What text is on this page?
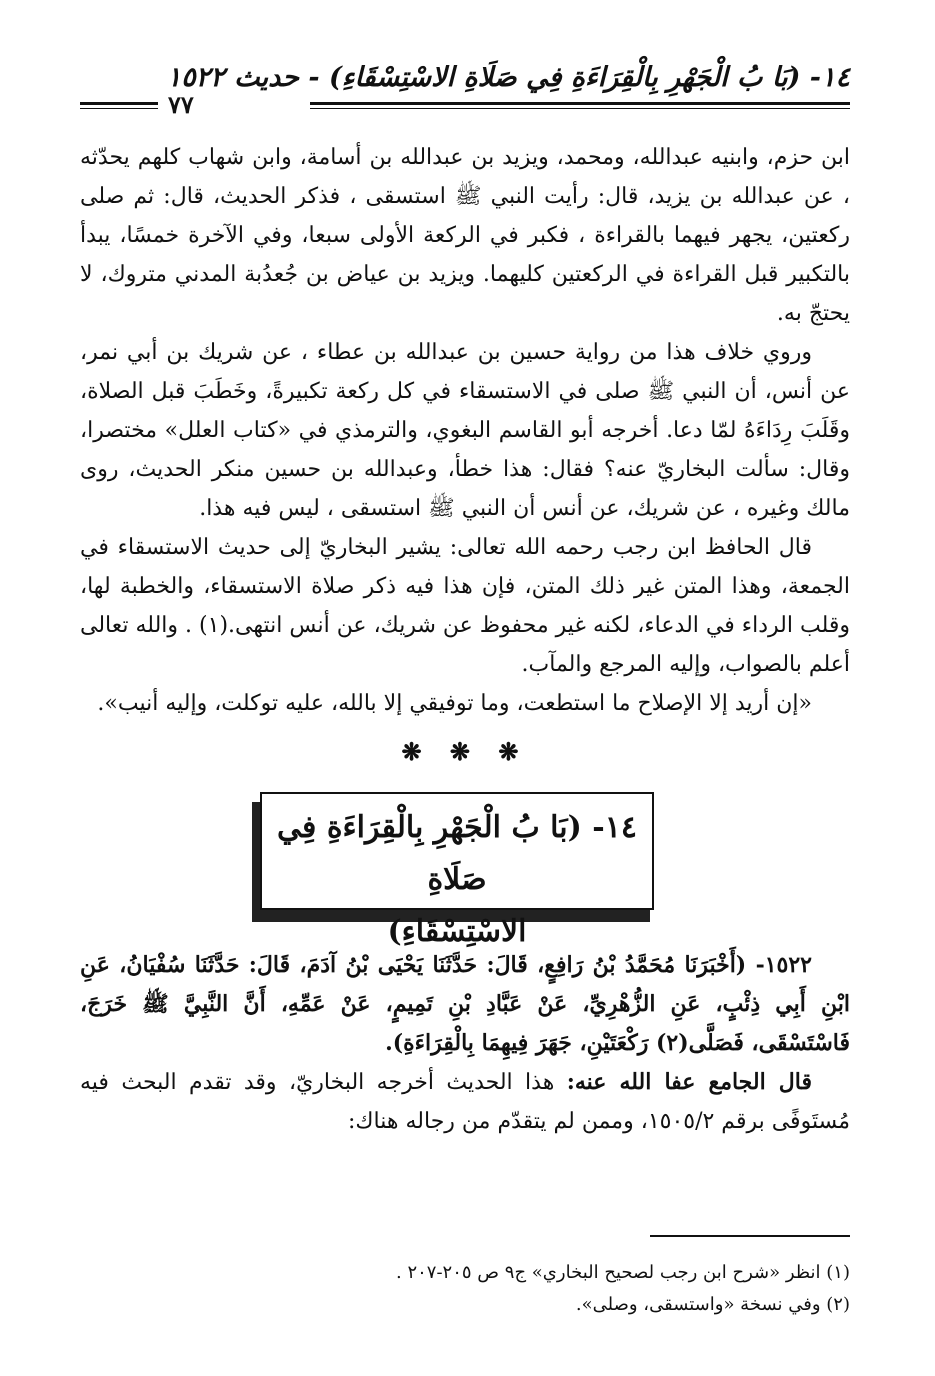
١٤- (بَا بُ الْجَهْرِ بِالْقِرَاءَةِ فِي صَلَاةِ الاسْتِسْقَاءِ) - حديث ١٥٢٢
٧٧

ابن حزم، وابنيه عبدالله، ومحمد، ويزيد بن عبدالله بن أسامة، وابن شهاب كلهم يحدّثه ، عن عبدالله بن يزيد، قال: رأيت النبي ﷺ استسقى ، فذكر الحديث، قال: ثم صلى ركعتين، يجهر فيهما بالقراءة ، فكبر في الركعة الأولى سبعا، وفي الآخرة خمسًا، يبدأ بالتكبير قبل القراءة في الركعتين كليهما. ويزيد بن عياض بن جُعدُبة المدني متروك، لا يحتجّ به.

وروي خلاف هذا من رواية حسين بن عبدالله بن عطاء ، عن شريك بن أبي نمر، عن أنس، أن النبي ﷺ صلى في الاستسقاء في كل ركعة تكبيرةً، وخَطَبَ قبل الصلاة، وقَلَبَ رِدَاءَهُ لمّا دعا. أخرجه أبو القاسم البغوي، والترمذي في «كتاب العلل» مختصرا، وقال: سألت البخاريّ عنه؟ فقال: هذا خطأ، وعبدالله بن حسين منكر الحديث، روى مالك وغيره ، عن شريك، عن أنس أن النبي ﷺ استسقى ، ليس فيه هذا.

قال الحافظ ابن رجب رحمه الله تعالى: يشير البخاريّ إلى حديث الاستسقاء في الجمعة، وهذا المتن غير ذلك المتن، فإن هذا فيه ذكر صلاة الاستسقاء، والخطبة لها، وقلب الرداء في الدعاء، لكنه غير محفوظ عن شريك، عن أنس انتهى.(١) . والله تعالى أعلم بالصواب، وإليه المرجع والمآب.

«إن أريد إلا الإصلاح ما استطعت، وما توفيقي إلا بالله، عليه توكلت، وإليه أنيب».

❋ ❋ ❋
١٤- (بَا بُ الْجَهْرِ بِالْقِرَاءَةِ فِي صَلَاةِ
الاسْتِسْقَاءِ)

١٥٢٢- (أَخْبَرَنَا مُحَمَّدُ بْنُ رَافِعٍ، قَالَ: حَدَّثَنَا يَحْيَى بْنُ آدَمَ، قَالَ: حَدَّثَنَا سُفْيَانُ، عَنِ ابْنِ أَبِي ذِئْبٍ، عَنِ الزُّهْرِيِّ، عَنْ عَبَّادِ بْنِ تَمِيمٍ، عَنْ عَمِّهِ، أَنَّ النَّبِيَّ ﷺ خَرَجَ، فَاسْتَسْقَى، فَصَلَّى(٢) رَكْعَتَيْنِ، جَهَرَ فِيهِمَا بِالْقِرَاءَةِ).

قال الجامع عفا الله عنه: هذا الحديث أخرجه البخاريّ، وقد تقدم البحث فيه مُستَوفًى برقم ١٥٠٥/٢، وممن لم يتقدّم من رجاله هناك:

(١) انظر «شرح ابن رجب لصحيح البخاري» ج٩ ص ٢٠٥-٢٠٧ .
(٢) وفي نسخة «واستسقى، وصلى».
